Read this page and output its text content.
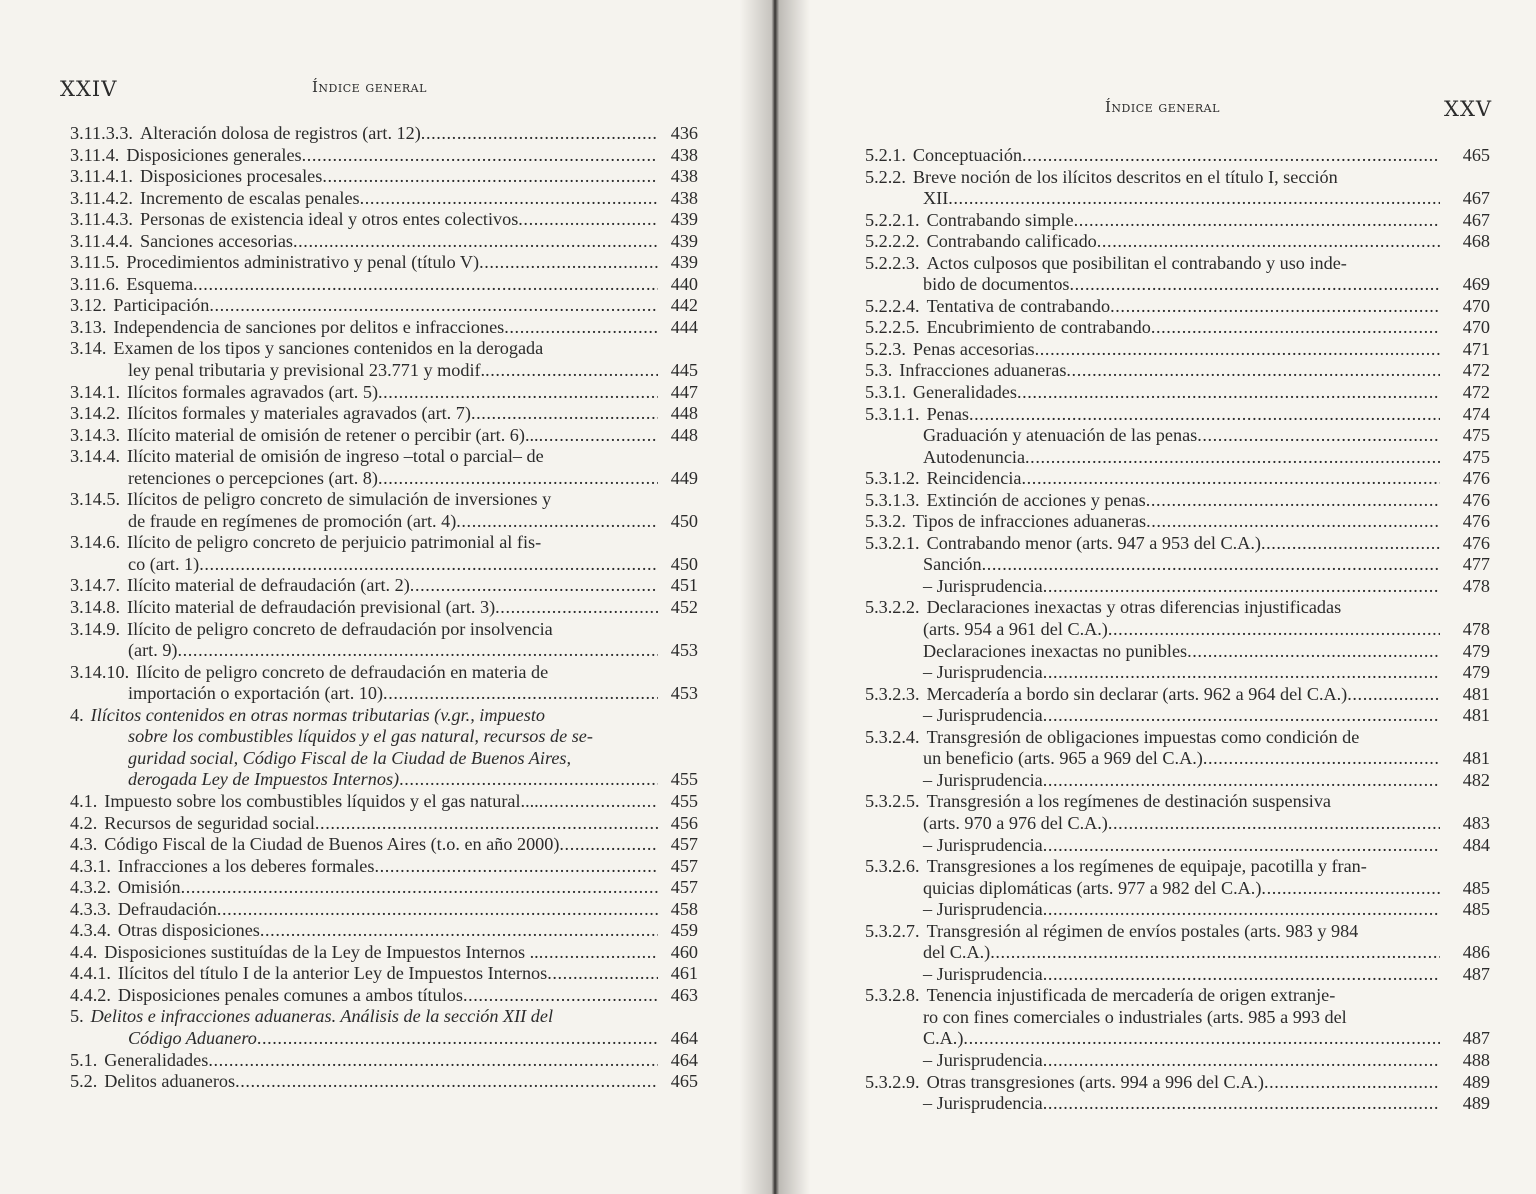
XXIV	Índice general
3.11.3.3. Alteración dolosa de registros (art. 12) .....	436
3.11.4. Disposiciones generales .....	438
3.11.4.1. Disposiciones procesales .....	438
3.11.4.2. Incremento de escalas penales .....	438
3.11.4.3. Personas de existencia ideal y otros entes colectivos .....	439
3.11.4.4. Sanciones accesorias .....	439
3.11.5. Procedimientos administrativo y penal (título V) .....	439
3.11.6. Esquema .....	440
3.12. Participación .....	442
3.13. Independencia de sanciones por delitos e infracciones .....	444
3.14. Examen de los tipos y sanciones contenidos en la derogada
ley penal tributaria y previsional 23.771 y modif. .....	445
3.14.1. Ilícitos formales agravados (art. 5) .....	447
3.14.2. Ilícitos formales y materiales agravados (art. 7) .....	448
3.14.3. Ilícito material de omisión de retener o percibir (art. 6)... .....	448
3.14.4. Ilícito material de omisión de ingreso –total o parcial– de
retenciones o percepciones (art. 8) .....	449
3.14.5. Ilícitos de peligro concreto de simulación de inversiones y
de fraude en regímenes de promoción (art. 4) .....	450
3.14.6. Ilícito de peligro concreto de perjuicio patrimonial al fis-
co (art. 1) .....	450
3.14.7. Ilícito material de defraudación (art. 2) .....	451
3.14.8. Ilícito material de defraudación previsional (art. 3) .....	452
3.14.9. Ilícito de peligro concreto de defraudación por insolvencia
(art. 9) .....	453
3.14.10. Ilícito de peligro concreto de defraudación en materia de
importación o exportación (art. 10) .....	453
4. Ilícitos contenidos en otras normas tributarias (v.gr., impuesto
sobre los combustibles líquidos y el gas natural, recursos de se-
guridad social, Código Fiscal de la Ciudad de Buenos Aires,
derogada Ley de Impuestos Internos) .....	455
4.1. Impuesto sobre los combustibles líquidos y el gas natural.... .....	455
4.2. Recursos de seguridad social .....	456
4.3. Código Fiscal de la Ciudad de Buenos Aires (t.o. en año 2000) .....	457
4.3.1. Infracciones a los deberes formales .....	457
4.3.2. Omisión .....	457
4.3.3. Defraudación .....	458
4.3.4. Otras disposiciones .....	459
4.4. Disposiciones sustituídas de la Ley de Impuestos Internos .. .....	460
4.4.1. Ilícitos del título I de la anterior Ley de Impuestos Internos .....	461
4.4.2. Disposiciones penales comunes a ambos títulos .....	463
5. Delitos e infracciones aduaneras. Análisis de la sección XII del
Código Aduanero .....	464
5.1. Generalidades .....	464
5.2. Delitos aduaneros .....	465
Índice general	XXV
5.2.1. Conceptuación .....	465
5.2.2. Breve noción de los ilícitos descritos en el título I, sección
XII .....	467
5.2.2.1. Contrabando simple .....	467
5.2.2.2. Contrabando calificado .....	468
5.2.2.3. Actos culposos que posibilitan el contrabando y uso inde-
bido de documentos .....	469
5.2.2.4. Tentativa de contrabando .....	470
5.2.2.5. Encubrimiento de contrabando .....	470
5.2.3. Penas accesorias .....	471
5.3. Infracciones aduaneras .....	472
5.3.1. Generalidades .....	472
5.3.1.1. Penas .....	474
Graduación y atenuación de las penas .....	475
Autodenuncia .....	475
5.3.1.2. Reincidencia .....	476
5.3.1.3. Extinción de acciones y penas .....	476
5.3.2. Tipos de infracciones aduaneras .....	476
5.3.2.1. Contrabando menor (arts. 947 a 953 del C.A.) .....	476
Sanción .....	477
– Jurisprudencia .....	478
5.3.2.2. Declaraciones inexactas y otras diferencias injustificadas
(arts. 954 a 961 del C.A.) .....	478
Declaraciones inexactas no punibles .....	479
– Jurisprudencia .....	479
5.3.2.3. Mercadería a bordo sin declarar (arts. 962 a 964 del C.A.) .....	481
– Jurisprudencia .....	481
5.3.2.4. Transgresión de obligaciones impuestas como condición de
un beneficio (arts. 965 a 969 del C.A.) .....	481
– Jurisprudencia .....	482
5.3.2.5. Transgresión a los regímenes de destinación suspensiva
(arts. 970 a 976 del C.A.) .....	483
– Jurisprudencia .....	484
5.3.2.6. Transgresiones a los regímenes de equipaje, pacotilla y fran-
quicias diplomáticas (arts. 977 a 982 del C.A.) .....	485
– Jurisprudencia .....	485
5.3.2.7. Transgresión al régimen de envíos postales (arts. 983 y 984
del C.A.) .....	486
– Jurisprudencia .....	487
5.3.2.8. Tenencia injustificada de mercadería de origen extranje-
ro con fines comerciales o industriales (arts. 985 a 993 del
C.A.) .....	487
– Jurisprudencia .....	488
5.3.2.9. Otras transgresiones (arts. 994 a 996 del C.A.) .....	489
– Jurisprudencia .....	489
